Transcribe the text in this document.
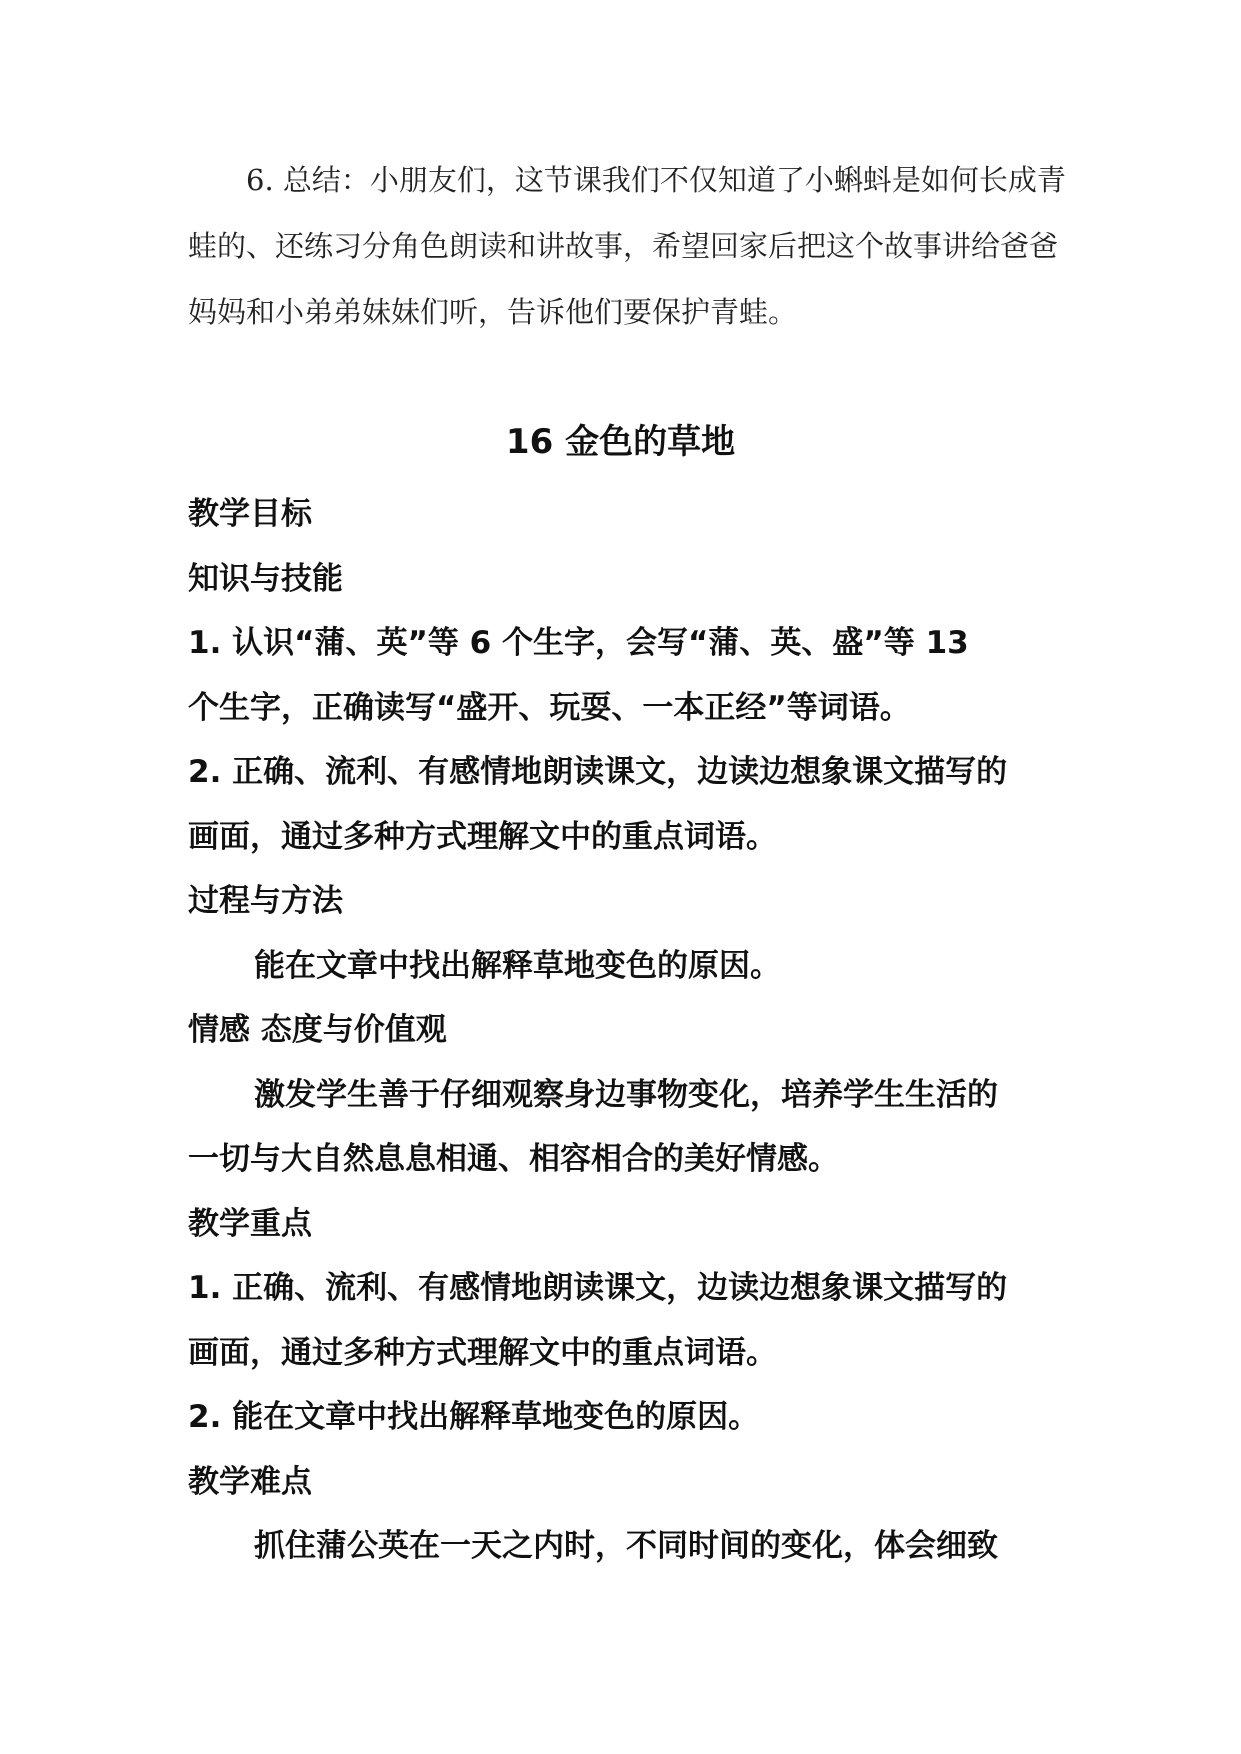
6. 总结：小朋友们，这节课我们不仅知道了小蝌蚪是如何长成青蛙的、还练习分角色朗读和讲故事，希望回家后把这个故事讲给爸爸妈妈和小弟弟妹妹们听，告诉他们要保护青蛙。

16 金色的草地

教学目标

知识与技能

1. 认识“蒲、英”等 6 个生字，会写“蒲、英、盛”等 13

个生字，正确读写“盛开、玩耍、一本正经”等词语。

2. 正确、流利、有感情地朗读课文，边读边想象课文描写的

画面，通过多种方式理解文中的重点词语。

过程与方法

能在文章中找出解释草地变色的原因。

情感 态度与价值观

激发学生善于仔细观察身边事物变化，培养学生生活的

一切与大自然息息相通、相容相合的美好情感。

教学重点

1. 正确、流利、有感情地朗读课文，边读边想象课文描写的

画面，通过多种方式理解文中的重点词语。

2. 能在文章中找出解释草地变色的原因。

教学难点

抓住蒲公英在一天之内时，不同时间的变化，体会细致
